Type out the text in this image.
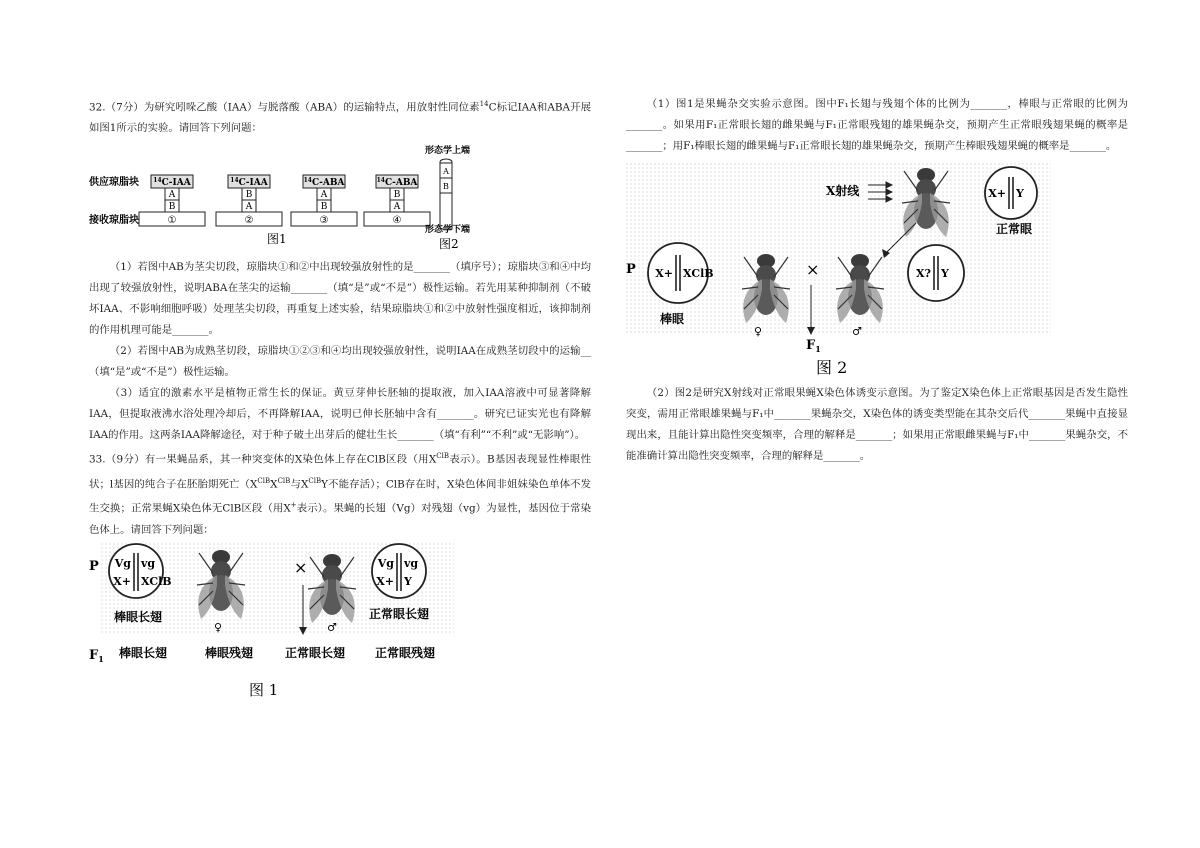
32.（7分）为研究吲哚乙酸（IAA）与脱落酸（ABA）的运输特点，用放射性同位素$^{14}$C标记IAA和ABA开展如图1所示的实验。请回答下列问题：

供应琼脂块
接收琼脂块
$^{14}$C-IAA
A
B
①
$^{14}$C-IAA
B
A
②
$^{14}$C-ABA
A
B
③
$^{14}$C-ABA
B
A
④
图1
形态学上端
A
B
形态学下端
图2

（1）若图中AB为茎尖切段，琼脂块①和②中出现较强放射性的是_______（填序号）；琼脂块③和④中均出现了较强放射性，说明ABA在茎尖的运输_______（填“是”或“不是”）极性运输。若先用某种抑制剂（不破坏IAA、不影响细胞呼吸）处理茎尖切段，再重复上述实验，结果琼脂块①和②中放射性强度相近，该抑制剂的作用机理可能是_______。

（2）若图中AB为成熟茎切段，琼脂块①②③和④均出现较强放射性，说明IAA在成熟茎切段中的运输__（填“是”或“不是”）极性运输。

（3）适宜的激素水平是植物正常生长的保证。黄豆芽伸长胚轴的提取液，加入IAA溶液中可显著降解IAA，但提取液沸水浴处理冷却后，不再降解IAA，说明已伸长胚轴中含有_______。研究已证实光也有降解IAA的作用。这两条IAA降解途径，对于种子破土出芽后的健壮生长_______（填“有利”“不利”或“无影响”）。

33.（9分）有一果蝇品系，其一种突变体的X染色体上存在ClB区段（用$X^{ClB}$表示）。B基因表现显性棒眼性状；l基因的纯合子在胚胎期死亡（$X^{ClB}X^{ClB}$与$X^{ClB}Y$不能存活）；ClB存在时，X染色体间非姐妹染色单体不发生交换；正常果蝇X染色体无ClB区段（用X+表示）。果蝇的长翅（Vg）对残翅（vg）为显性，基因位于常染色体上。请回答下列问题：

P Vg vg
X+ XClB
×	Vg vg
X+ Y
棒眼长翅	正常眼长翅
♀	♂
$F_1$ 棒眼长翅	棒眼残翅	正常眼长翅 正常眼残翅
图 1

（1）图1是果蝇杂交实验示意图。图中F₁长翅与残翅个体的比例为_______，棒眼与正常眼的比例为_______。如果用F₁正常眼长翅的雌果蝇与F₁正常眼残翅的雄果蝇杂交，预期产生正常眼残翅果蝇的概率是_______；用F₁棒眼长翅的雌果蝇与F₁正常眼长翅的雄果蝇杂交，预期产生棒眼残翅果蝇的概率是_______。

X射线	X+ Y
正常眼
P X+ XClB
棒眼
♀
×
♂
X? Y
$F_1$
图 2

（2）图2是研究X射线对正常眼果蝇X染色体诱变示意图。为了鉴定X染色体上正常眼基因是否发生隐性突变，需用正常眼雄果蝇与F₁中_______果蝇杂交，X染色体的诱变类型能在其杂交后代_______果蝇中直接显现出来，且能计算出隐性突变频率，合理的解释是_______；如果用正常眼雌果蝇与F₁中_______果蝇杂交，不能准确计算出隐性突变频率，合理的解释是_______。
